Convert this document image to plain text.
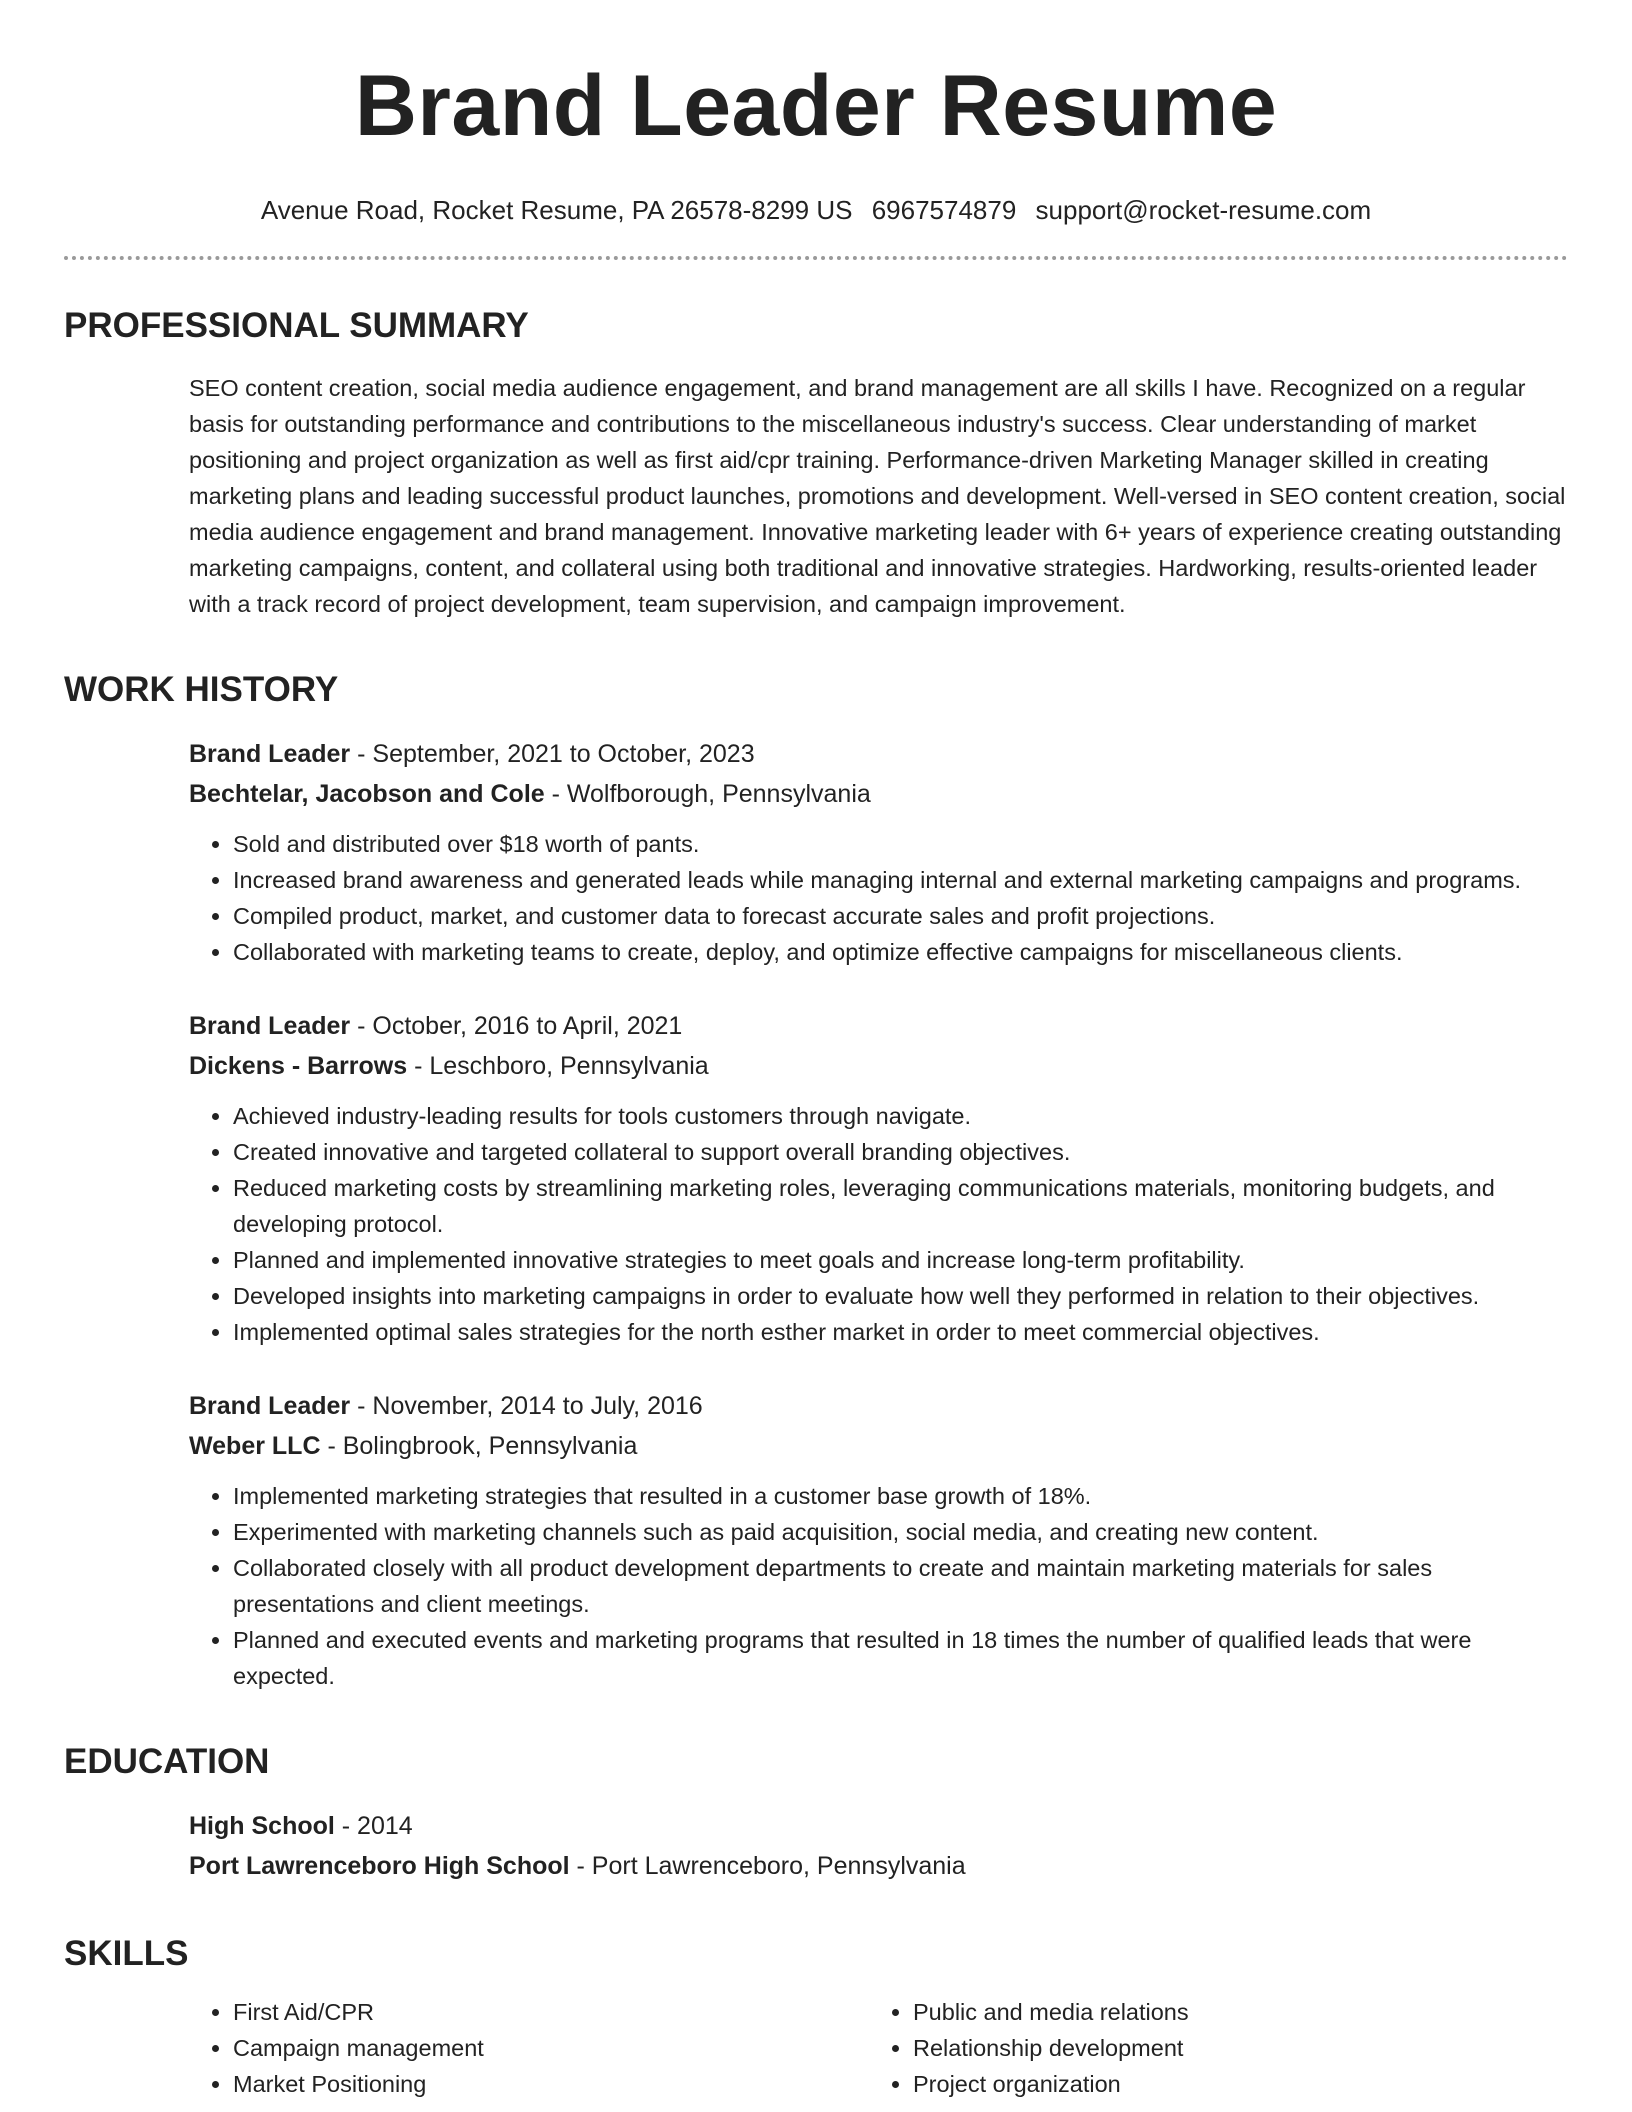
Brand Leader Resume
Avenue Road, Rocket Resume, PA 26578-8299 US 6967574879 support@rocket-resume.com
PROFESSIONAL SUMMARY
SEO content creation, social media audience engagement, and brand management are all skills I have. Recognized on a regular basis for outstanding performance and contributions to the miscellaneous industry's success. Clear understanding of market positioning and project organization as well as first aid/cpr training. Performance-driven Marketing Manager skilled in creating marketing plans and leading successful product launches, promotions and development. Well-versed in SEO content creation, social media audience engagement and brand management. Innovative marketing leader with 6+ years of experience creating outstanding marketing campaigns, content, and collateral using both traditional and innovative strategies. Hardworking, results-oriented leader with a track record of project development, team supervision, and campaign improvement.
WORK HISTORY
Brand Leader - September, 2021 to October, 2023
Bechtelar, Jacobson and Cole - Wolfborough, Pennsylvania
• Sold and distributed over $18 worth of pants.
• Increased brand awareness and generated leads while managing internal and external marketing campaigns and programs.
• Compiled product, market, and customer data to forecast accurate sales and profit projections.
• Collaborated with marketing teams to create, deploy, and optimize effective campaigns for miscellaneous clients.
Brand Leader - October, 2016 to April, 2021
Dickens - Barrows - Leschboro, Pennsylvania
• Achieved industry-leading results for tools customers through navigate.
• Created innovative and targeted collateral to support overall branding objectives.
• Reduced marketing costs by streamlining marketing roles, leveraging communications materials, monitoring budgets, and developing protocol.
• Planned and implemented innovative strategies to meet goals and increase long-term profitability.
• Developed insights into marketing campaigns in order to evaluate how well they performed in relation to their objectives.
• Implemented optimal sales strategies for the north esther market in order to meet commercial objectives.
Brand Leader - November, 2014 to July, 2016
Weber LLC - Bolingbrook, Pennsylvania
• Implemented marketing strategies that resulted in a customer base growth of 18%.
• Experimented with marketing channels such as paid acquisition, social media, and creating new content.
• Collaborated closely with all product development departments to create and maintain marketing materials for sales presentations and client meetings.
• Planned and executed events and marketing programs that resulted in 18 times the number of qualified leads that were expected.
EDUCATION
High School - 2014
Port Lawrenceboro High School - Port Lawrenceboro, Pennsylvania
SKILLS
• First Aid/CPR
• Campaign management
• Market Positioning
• Public and media relations
• Relationship development
• Project organization
